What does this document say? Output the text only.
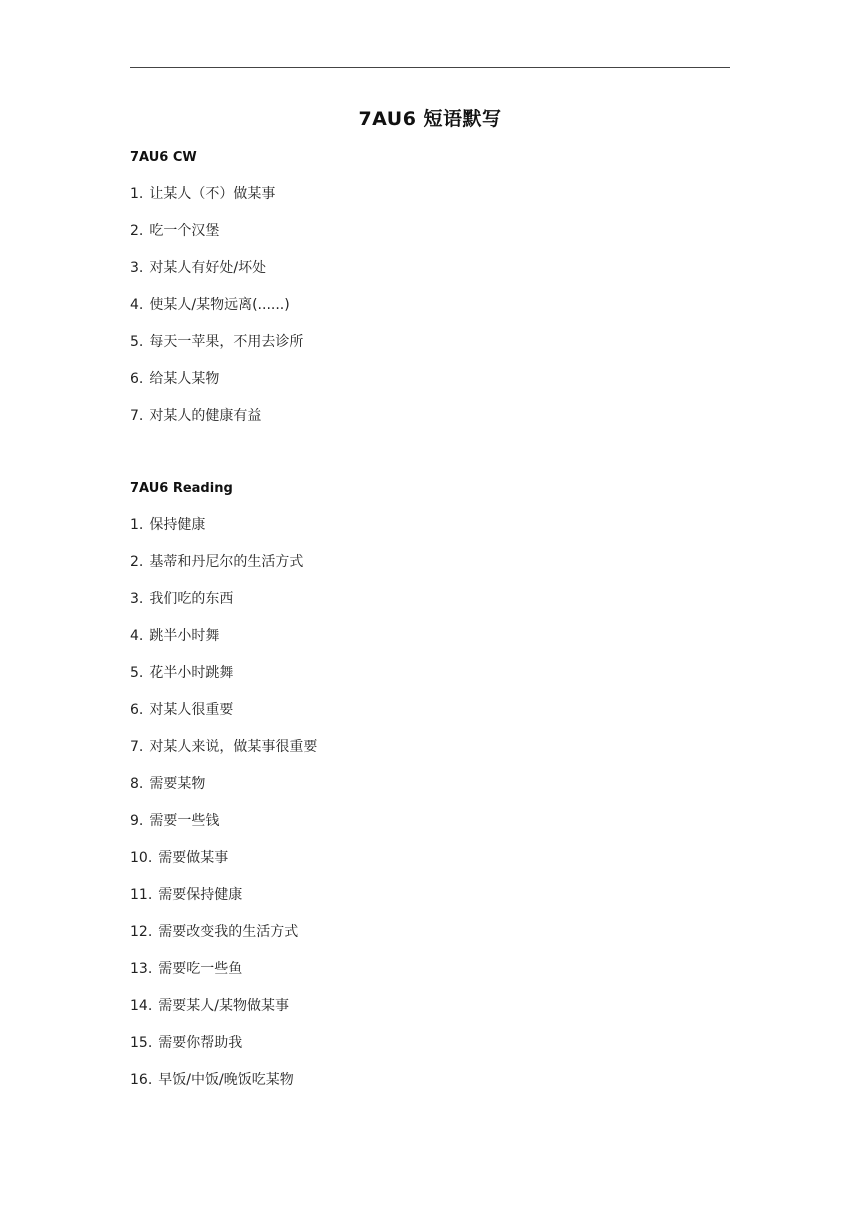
7AU6 短语默写
7AU6 CW
1. 让某人（不）做某事
2. 吃一个汉堡
3. 对某人有好处/坏处
4. 使某人/某物远离(......)
5. 每天一苹果，不用去诊所
6. 给某人某物
7. 对某人的健康有益
7AU6 Reading
1. 保持健康
2. 基蒂和丹尼尔的生活方式
3. 我们吃的东西
4. 跳半小时舞
5. 花半小时跳舞
6. 对某人很重要
7. 对某人来说，做某事很重要
8. 需要某物
9. 需要一些钱
10. 需要做某事
11. 需要保持健康
12. 需要改变我的生活方式
13. 需要吃一些鱼
14. 需要某人/某物做某事
15. 需要你帮助我
16. 早饭/中饭/晚饭吃某物
